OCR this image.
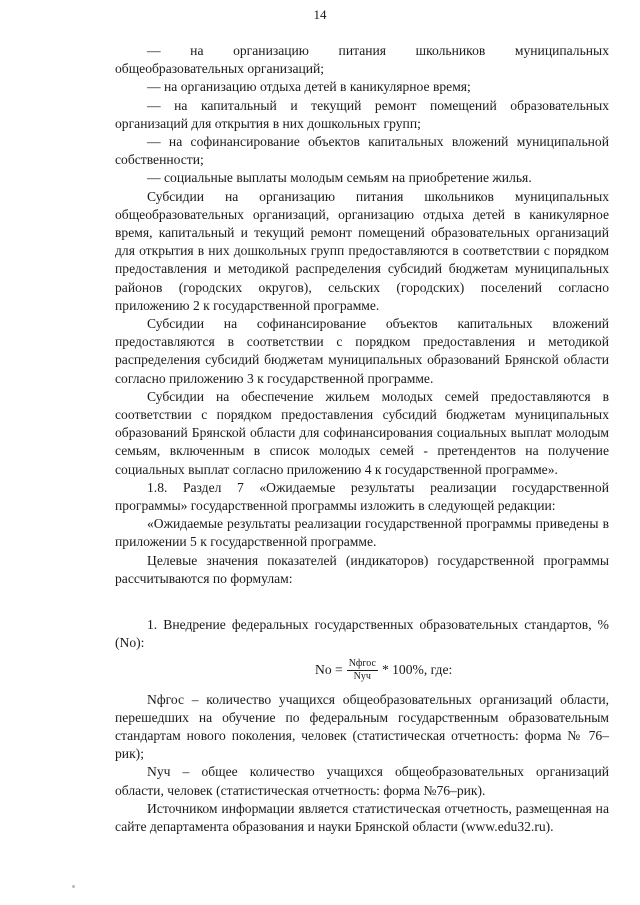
14

— на организацию питания школьников муниципальных общеобразовательных организаций;

— на организацию отдыха детей в каникулярное время;

— на капитальный и текущий ремонт помещений образовательных организаций для открытия в них дошкольных групп;

— на софинансирование объектов капитальных вложений муниципальной собственности;

— социальные выплаты молодым семьям на приобретение жилья.

Субсидии на организацию питания школьников муниципальных общеобразовательных организаций, организацию отдыха детей в каникулярное время, капитальный и текущий ремонт помещений образовательных организаций для открытия в них дошкольных групп предоставляются в соответствии с порядком предоставления и методикой распределения субсидий бюджетам муниципальных районов (городских округов), сельских (городских) поселений согласно приложению 2 к государственной программе.

Субсидии на софинансирование объектов капитальных вложений предоставляются в соответствии с порядком предоставления и методикой распределения субсидий бюджетам муниципальных образований Брянской области согласно приложению 3 к государственной программе.

Субсидии на обеспечение жильем молодых семей предоставляются в соответствии с порядком предоставления субсидий бюджетам муниципальных образований Брянской области для софинансирования социальных выплат молодым семьям, включенным в список молодых семей - претендентов на получение социальных выплат согласно приложению 4 к государственной программе».

1.8. Раздел 7 «Ожидаемые результаты реализации государственной программы» государственной программы изложить в следующей редакции:

«Ожидаемые результаты реализации государственной программы приведены в приложении 5 к государственной программе.

Целевые значения показателей (индикаторов) государственной программы рассчитываются по формулам:

1. Внедрение федеральных государственных образовательных стандартов, % (No):

$No = \frac{\text{Nфгос}}{\text{Nуч}} * 100\%$, где:

Nфгос – количество учащихся общеобразовательных организаций области, перешедших на обучение по федеральным государственным образовательным стандартам нового поколения, человек (статистическая отчетность: форма № 76–рик);

Nуч – общее количество учащихся общеобразовательных организаций области, человек (статистическая отчетность: форма №76–рик).

Источником информации является статистическая отчетность, размещенная на сайте департамента образования и науки Брянской области (www.edu32.ru).
